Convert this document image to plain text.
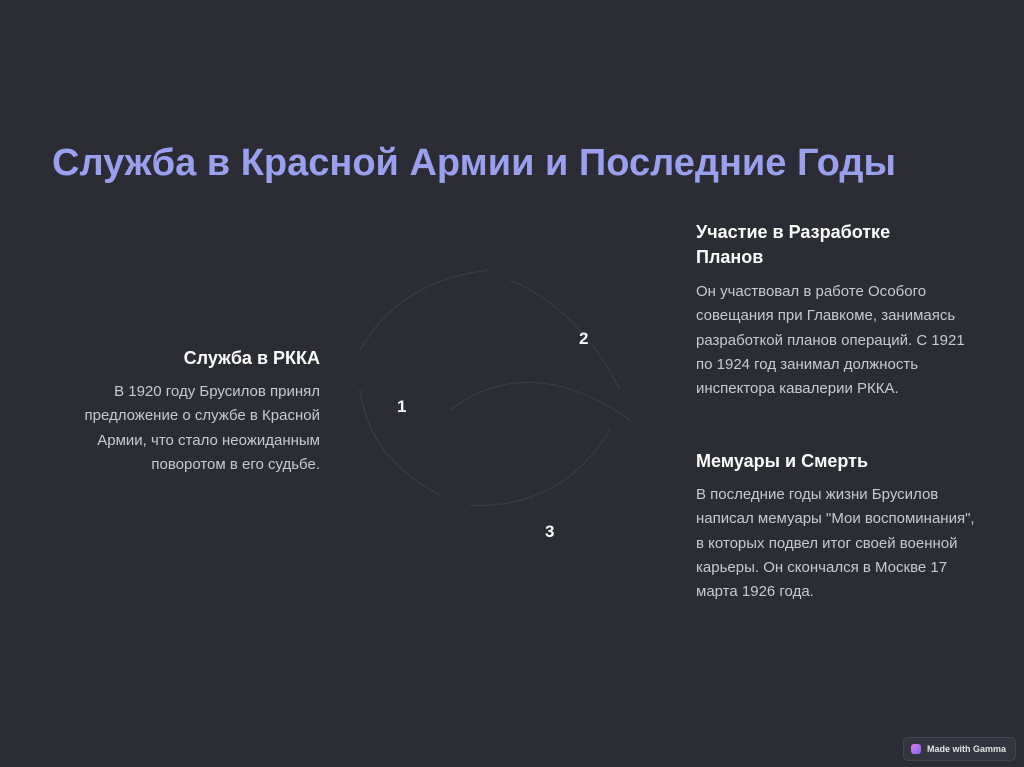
Служба в Красной Армии и Последние Годы
1
2
3
Служба в РККА

В 1920 году Брусилов принял предложение о службе в Красной Армии, что стало неожиданным поворотом в его судьбе.

Участие в Разработке Планов

Он участвовал в работе Особого совещания при Главкоме, занимаясь разработкой планов операций. С 1921 по 1924 год занимал должность инспектора кавалерии РККА.

Мемуары и Смерть

В последние годы жизни Брусилов написал мемуары "Мои воспоминания", в которых подвел итог своей военной карьеры. Он скончался в Москве 17 марта 1926 года.

Made with Gamma
